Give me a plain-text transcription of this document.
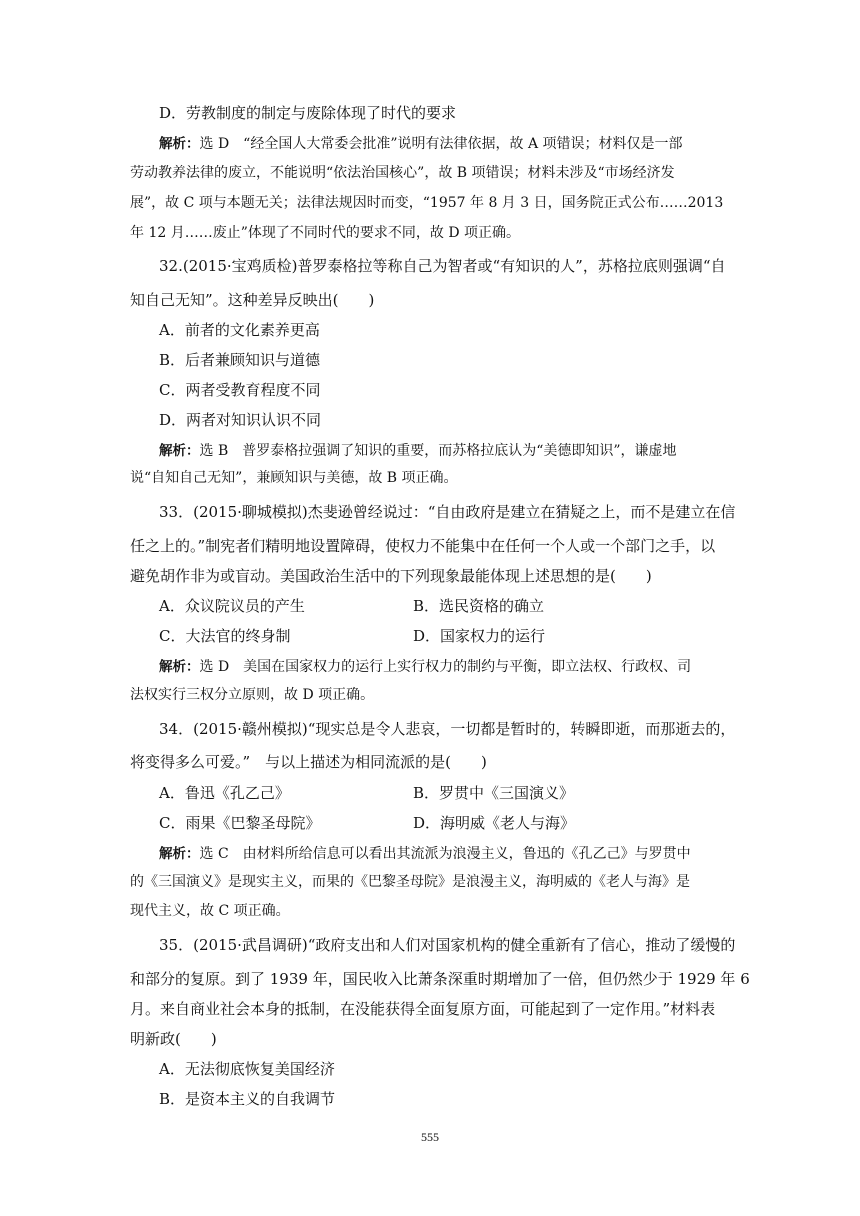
D．劳教制度的制定与废除体现了时代的要求
解析：选 D　“经全国人大常委会批准”说明有法律依据，故 A 项错误；材料仅是一部
劳动教养法律的废立，不能说明“依法治国核心”，故 B 项错误；材料未涉及“市场经济发
展”，故 C 项与本题无关；法律法规因时而变，“1957 年 8 月 3 日，国务院正式公布……2013
年 12 月……废止”体现了不同时代的要求不同，故 D 项正确。
32.(2015·宝鸡质检)普罗泰格拉等称自己为智者或“有知识的人”，苏格拉底则强调“自
知自己无知”。这种差异反映出(　　)
A．前者的文化素养更高
B．后者兼顾知识与道德
C．两者受教育程度不同
D．两者对知识认识不同
解析：选 B　普罗泰格拉强调了知识的重要，而苏格拉底认为“美德即知识”，谦虚地
说“自知自己无知”，兼顾知识与美德，故 B 项正确。
33．(2015·聊城模拟)杰斐逊曾经说过：“自由政府是建立在猜疑之上，而不是建立在信
任之上的。”制宪者们精明地设置障碍，使权力不能集中在任何一个人或一个部门之手，以
避免胡作非为或盲动。美国政治生活中的下列现象最能体现上述思想的是(　　)
A．众议院议员的产生	B．选民资格的确立
C．大法官的终身制	D．国家权力的运行
解析：选 D　美国在国家权力的运行上实行权力的制约与平衡，即立法权、行政权、司
法权实行三权分立原则，故 D 项正确。
34．(2015·赣州模拟)“现实总是令人悲哀，一切都是暂时的，转瞬即逝，而那逝去的，
将变得多么可爱。”　与以上描述为相同流派的是(　　)
A．鲁迅《孔乙己》	B．罗贯中《三国演义》
C．雨果《巴黎圣母院》	D．海明威《老人与海》
解析：选 C　由材料所给信息可以看出其流派为浪漫主义，鲁迅的《孔乙己》与罗贯中
的《三国演义》是现实主义，而果的《巴黎圣母院》是浪漫主义，海明威的《老人与海》是
现代主义，故 C 项正确。
35．(2015·武昌调研)“政府支出和人们对国家机构的健全重新有了信心，推动了缓慢的
和部分的复原。到了 1939 年，国民收入比萧条深重时期增加了一倍，但仍然少于 1929 年 6
月。来自商业社会本身的抵制，在没能获得全面复原方面，可能起到了一定作用。”材料表
明新政(　　)
A．无法彻底恢复美国经济
B．是资本主义的自我调节
555
